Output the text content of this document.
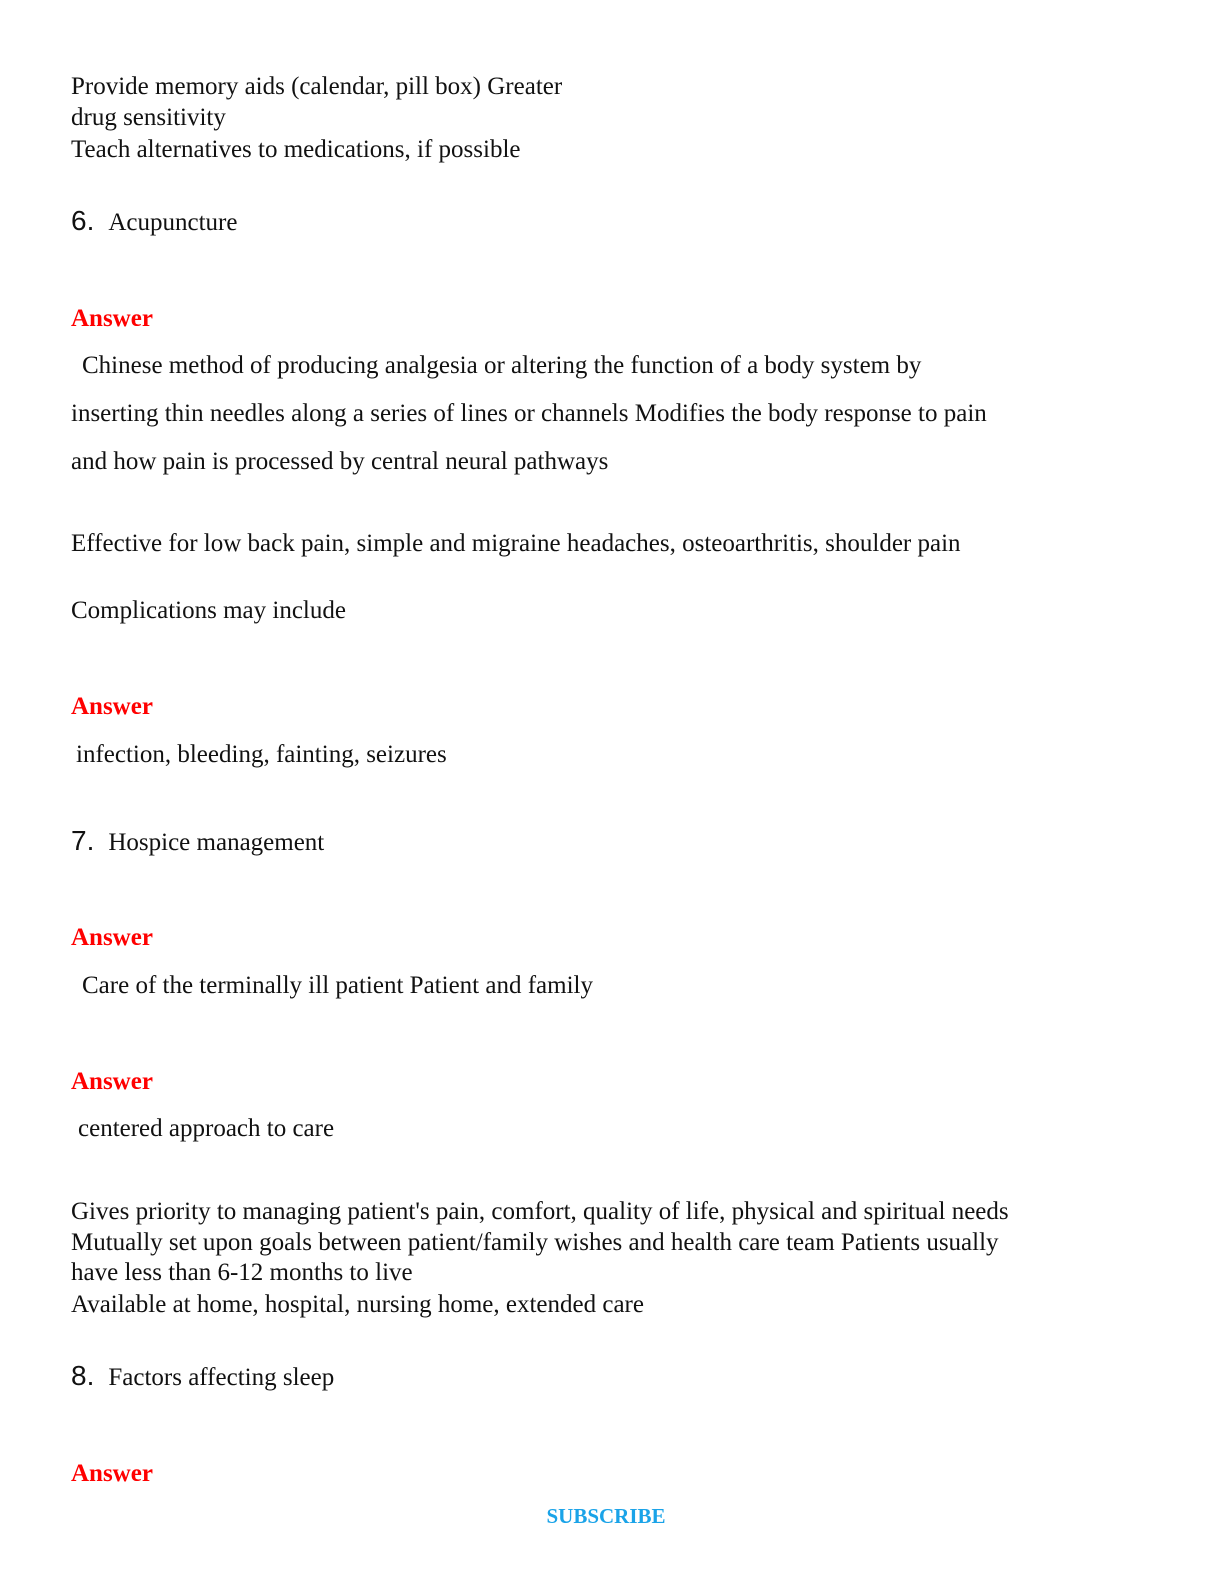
Provide memory aids (calendar, pill box) Greater
drug sensitivity
Teach alternatives to medications, if possible
6. Acupuncture
Answer
Chinese method of producing analgesia or altering the function of a body system by
inserting thin needles along a series of lines or channels Modifies the body response to pain
and how pain is processed by central neural pathways
Effective for low back pain, simple and migraine headaches, osteoarthritis, shoulder pain
Complications may include
Answer
infection, bleeding, fainting, seizures
7. Hospice management
Answer
Care of the terminally ill patient Patient and family
Answer
centered approach to care
Gives priority to managing patient's pain, comfort, quality of life, physical and spiritual needs
Mutually set upon goals between patient/family wishes and health care team Patients usually
have less than 6-12 months to live
Available at home, hospital, nursing home, extended care
8. Factors affecting sleep
Answer
SUBSCRIBE
